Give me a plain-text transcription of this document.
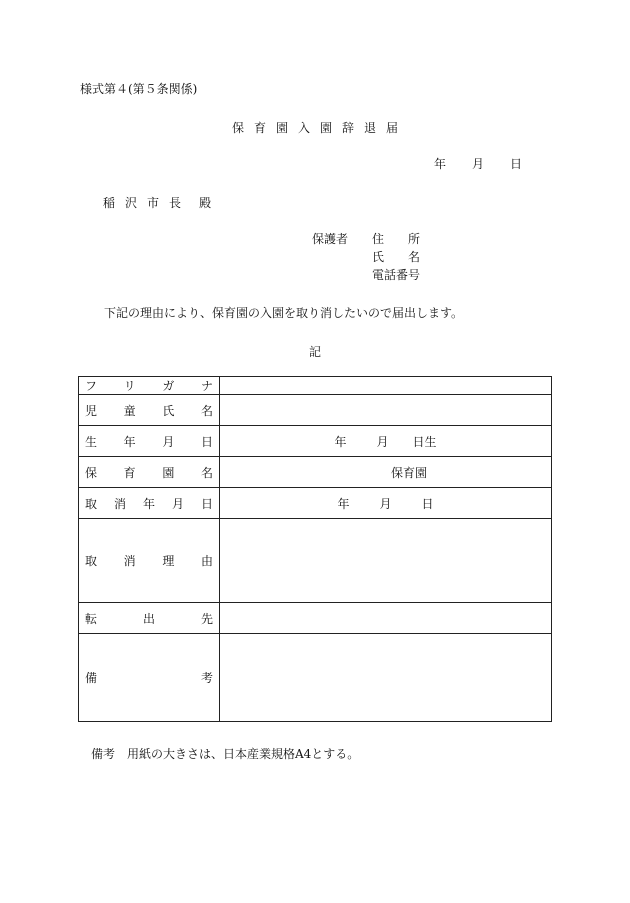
様式第４(第５条関係)
保 育 園 入 園 辞 退 届
年 月 日
稲 沢 市 長 殿
保護者	住 所
氏 名
電話番号
下記の理由により、保育園の入園を取り消したいので届出します。
記
フ リ ガ ナ	

児 童 氏 名	

生 年 月 日	年 月 日生

保 育 園 名	保育園

取 消 年 月 日	年 月 日

取 消 理 由	

転 出 先	

備 考	

備考　用紙の大きさは、日本産業規格A4とする。
